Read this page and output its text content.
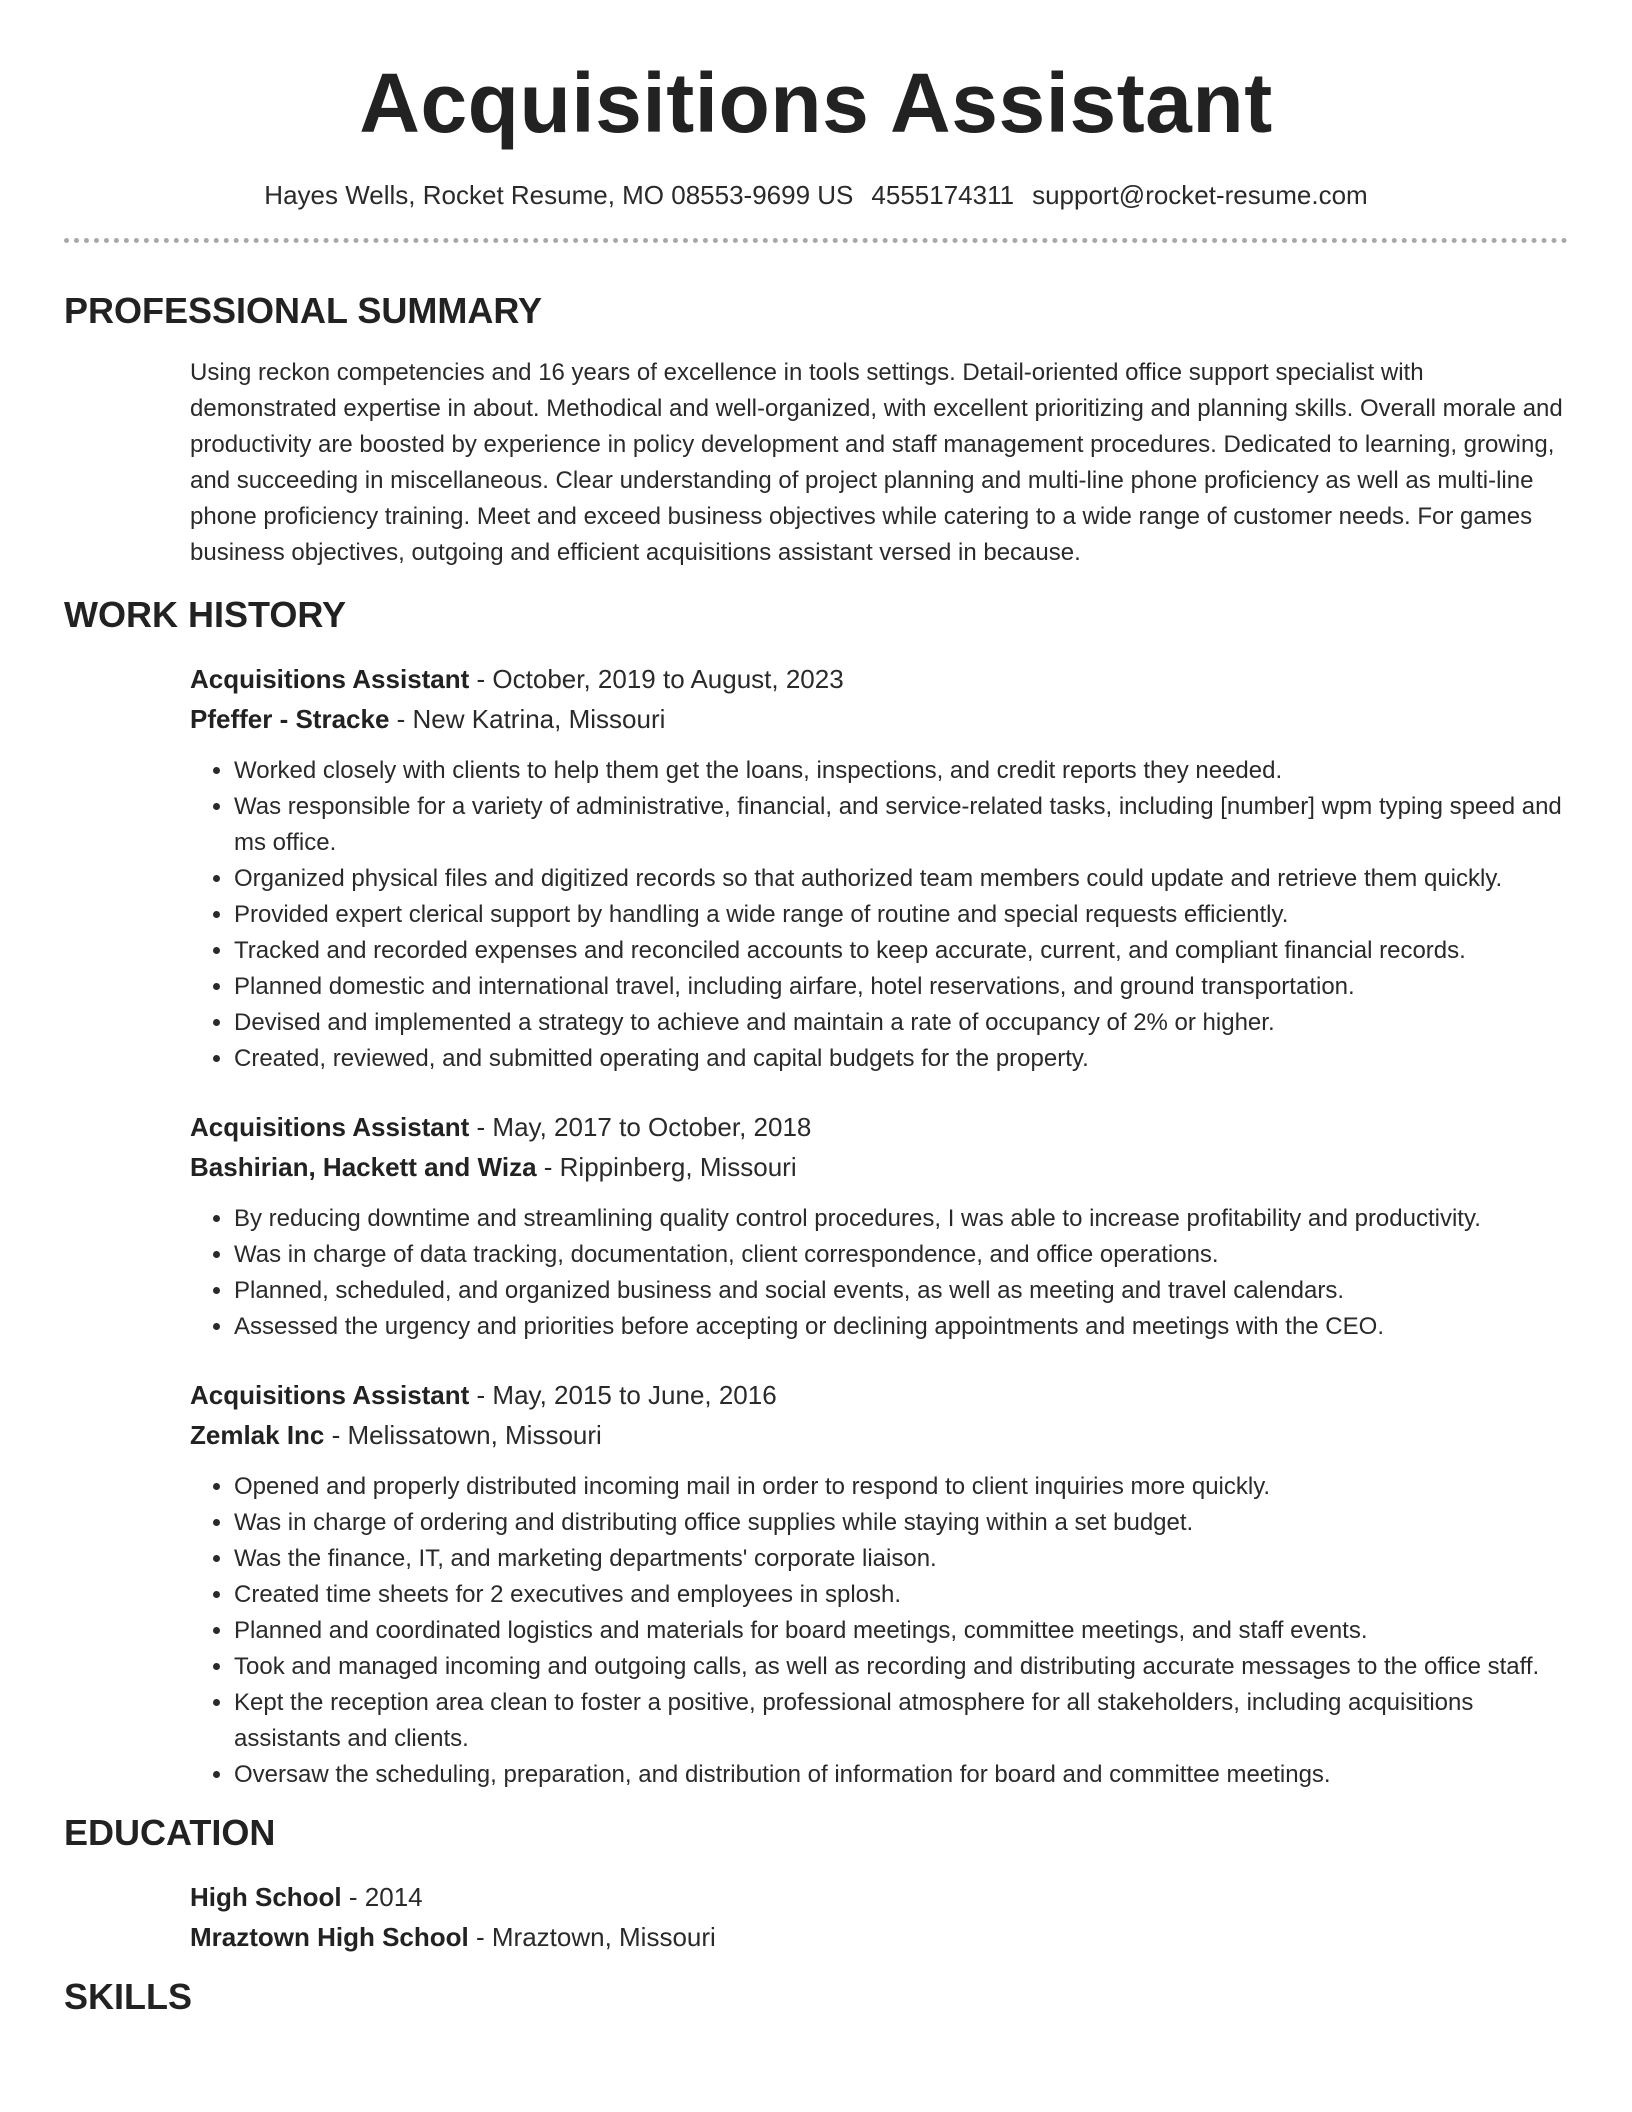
Acquisitions Assistant
Hayes Wells, Rocket Resume, MO 08553-9699 US 4555174311 support@rocket-resume.com
PROFESSIONAL SUMMARY
Using reckon competencies and 16 years of excellence in tools settings. Detail-oriented office support specialist with demonstrated expertise in about. Methodical and well-organized, with excellent prioritizing and planning skills. Overall morale and productivity are boosted by experience in policy development and staff management procedures. Dedicated to learning, growing, and succeeding in miscellaneous. Clear understanding of project planning and multi-line phone proficiency as well as multi-line phone proficiency training. Meet and exceed business objectives while catering to a wide range of customer needs. For games business objectives, outgoing and efficient acquisitions assistant versed in because.
WORK HISTORY
Acquisitions Assistant - October, 2019 to August, 2023
Pfeffer - Stracke - New Katrina, Missouri
• Worked closely with clients to help them get the loans, inspections, and credit reports they needed.
• Was responsible for a variety of administrative, financial, and service-related tasks, including [number] wpm typing speed and ms office.
• Organized physical files and digitized records so that authorized team members could update and retrieve them quickly.
• Provided expert clerical support by handling a wide range of routine and special requests efficiently.
• Tracked and recorded expenses and reconciled accounts to keep accurate, current, and compliant financial records.
• Planned domestic and international travel, including airfare, hotel reservations, and ground transportation.
• Devised and implemented a strategy to achieve and maintain a rate of occupancy of 2% or higher.
• Created, reviewed, and submitted operating and capital budgets for the property.
Acquisitions Assistant - May, 2017 to October, 2018
Bashirian, Hackett and Wiza - Rippinberg, Missouri
• By reducing downtime and streamlining quality control procedures, I was able to increase profitability and productivity.
• Was in charge of data tracking, documentation, client correspondence, and office operations.
• Planned, scheduled, and organized business and social events, as well as meeting and travel calendars.
• Assessed the urgency and priorities before accepting or declining appointments and meetings with the CEO.
Acquisitions Assistant - May, 2015 to June, 2016
Zemlak Inc - Melissatown, Missouri
• Opened and properly distributed incoming mail in order to respond to client inquiries more quickly.
• Was in charge of ordering and distributing office supplies while staying within a set budget.
• Was the finance, IT, and marketing departments' corporate liaison.
• Created time sheets for 2 executives and employees in splosh.
• Planned and coordinated logistics and materials for board meetings, committee meetings, and staff events.
• Took and managed incoming and outgoing calls, as well as recording and distributing accurate messages to the office staff.
• Kept the reception area clean to foster a positive, professional atmosphere for all stakeholders, including acquisitions assistants and clients.
• Oversaw the scheduling, preparation, and distribution of information for board and committee meetings.
EDUCATION
High School - 2014
Mraztown High School - Mraztown, Missouri
SKILLS
